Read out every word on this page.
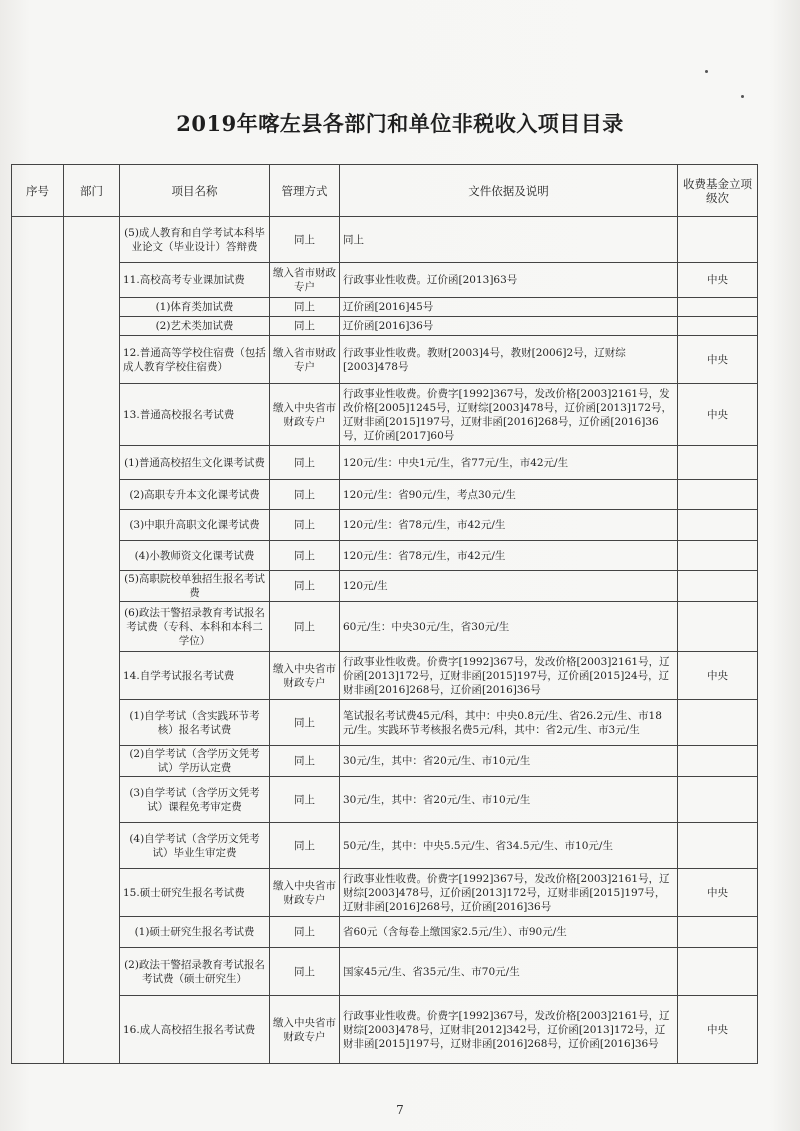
2019年喀左县各部门和单位非税收入项目目录
序号	部门	项目名称	管理方式	文件依据及说明	收费基金立项级次
		(5)成人教育和自学考试本科毕业论文（毕业设计）答辩费	同上	同上	
		11.高校高考专业课加试费	缴入省市财政专户	行政事业性收费。辽价函[2013]63号	中央
		(1)体育类加试费	同上	辽价函[2016]45号	
		(2)艺术类加试费	同上	辽价函[2016]36号	
		12.普通高等学校住宿费（包括成人教育学校住宿费）	缴入省市财政专户	行政事业性收费。教财[2003]4号，教财[2006]2号，辽财综[2003]478号	中央
		13.普通高校报名考试费	缴入中央省市财政专户	行政事业性收费。价费字[1992]367号，发改价格[2003]2161号，发改价格[2005]1245号，辽财综[2003]478号，辽价函[2013]172号，辽财非函[2015]197号，辽财非函[2016]268号，辽价函[2016]36号，辽价函[2017]60号	中央
		(1)普通高校招生文化课考试费	同上	120元/生：中央1元/生，省77元/生，市42元/生	
		(2)高职专升本文化课考试费	同上	120元/生：省90元/生，考点30元/生	
		(3)中职升高职文化课考试费	同上	120元/生：省78元/生，市42元/生	
		(4)小教师资文化课考试费	同上	120元/生：省78元/生，市42元/生	
		(5)高职院校单独招生报名考试费	同上	120元/生	
		(6)政法干警招录教育考试报名考试费（专科、本科和本科二学位）	同上	60元/生：中央30元/生，省30元/生	
		14.自学考试报名考试费	缴入中央省市财政专户	行政事业性收费。价费字[1992]367号，发改价格[2003]2161号，辽价函[2013]172号，辽财非函[2015]197号，辽价函[2015]24号，辽财非函[2016]268号，辽价函[2016]36号	中央
		(1)自学考试（含实践环节考核）报名考试费	同上	笔试报名考试费45元/科，其中：中央0.8元/生、省26.2元/生、市18元/生。实践环节考核报名费5元/科，其中：省2元/生、市3元/生	
		(2)自学考试（含学历文凭考试）学历认定费	同上	30元/生，其中：省20元/生、市10元/生	
		(3)自学考试（含学历文凭考试）课程免考审定费	同上	30元/生，其中：省20元/生、市10元/生	
		(4)自学考试（含学历文凭考试）毕业生审定费	同上	50元/生，其中：中央5.5元/生、省34.5元/生、市10元/生	
		15.硕士研究生报名考试费	缴入中央省市财政专户	行政事业性收费。价费字[1992]367号，发改价格[2003]2161号，辽财综[2003]478号，辽价函[2013]172号，辽财非函[2015]197号，辽财非函[2016]268号，辽价函[2016]36号	中央
		(1)硕士研究生报名考试费	同上	省60元（含每卷上缴国家2.5元/生）、市90元/生	
		(2)政法干警招录教育考试报名考试费（硕士研究生）	同上	国家45元/生、省35元/生、市70元/生	
		16.成人高校招生报名考试费	缴入中央省市财政专户	行政事业性收费。价费字[1992]367号，发改价格[2003]2161号，辽财综[2003]478号，辽财非[2012]342号，辽价函[2013]172号，辽财非函[2015]197号，辽财非函[2016]268号，辽价函[2016]36号	中央
7
